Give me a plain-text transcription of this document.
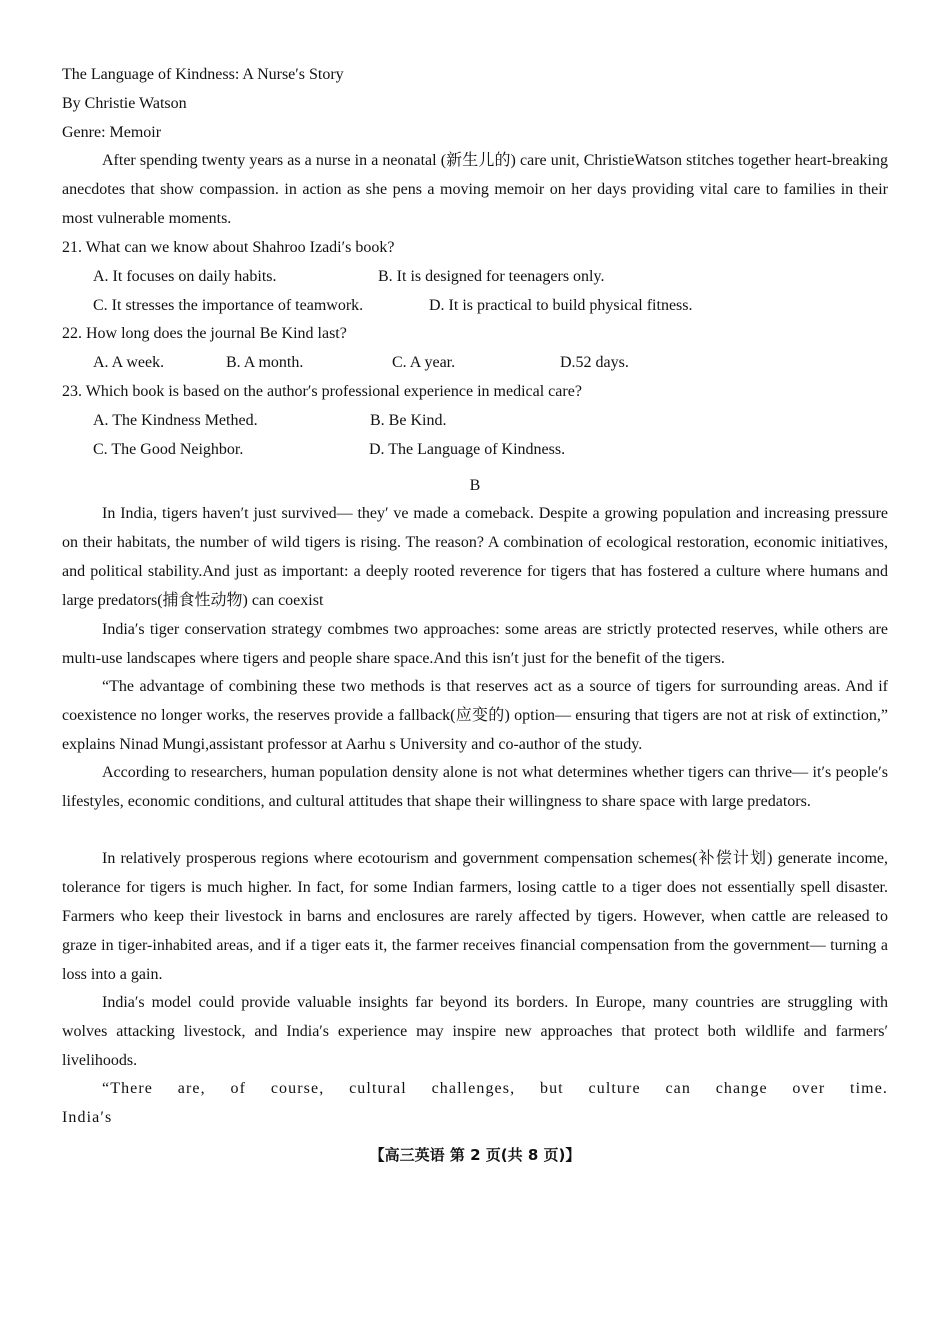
The Language of Kindness: A Nurse′s Story
By Christie Watson
Genre: Memoir
After spending twenty years as a nurse in a neonatal (新生儿的) care unit, ChristieWatson stitches together heart-breaking anecdotes that show compassion. in action as she pens a moving memoir on her days providing vital care to families in their most vulnerable moments.
21. What can we know about Shahroo Izadi′s book?
A. It focuses on daily habits.	B. It is designed for teenagers only.
C. It stresses the importance of teamwork.	D. It is practical to build physical fitness.
22. How long does the journal Be Kind last?
A. A week.	B. A month.	C. A year.	D.52 days.
23. Which book is based on the author′s professional experience in medical care?
A. The Kindness Methed.	B. Be Kind.
C. The Good Neighbor.	D. The Language of Kindness.
B
In India, tigers haven′t just survived— they′ ve made a comeback. Despite a growing population and increasing pressure on their habitats, the number of wild tigers is rising. The reason? A combination of ecological restoration, economic initiatives, and political stability.And just as important: a deeply rooted reverence for tigers that has fostered a culture where humans and large predators(捕食性动物) can coexist
India′s tiger conservation strategy combmes two approaches: some areas are strictly protected reserves, while others are multı-use landscapes where tigers and people share space.And this isn′t just for the benefit of the tigers.
“The advantage of combining these two methods is that reserves act as a source of tigers for surrounding areas. And if coexistence no longer works, the reserves provide a fallback(应变的) option— ensuring that tigers are not at risk of extinction,” explains Ninad Mungi,assistant professor at Aarhu s University and co-author of the study.
According to researchers, human population density alone is not what determines whether tigers can thrive— it′s people′s lifestyles, economic conditions, and cultural attitudes that shape their willingness to share space with large predators.
In relatively prosperous regions where ecotourism and government compensation schemes(补偿计划) generate income, tolerance for tigers is much higher. In fact, for some Indian farmers, losing cattle to a tiger does not essentially spell disaster. Farmers who keep their livestock in barns and enclosures are rarely affected by tigers. However, when cattle are released to graze in tiger-inhabited areas, and if a tiger eats it, the farmer receives financial compensation from the government— turning a loss into a gain.
India′s model could provide valuable insights far beyond its borders. In Europe, many countries are struggling with wolves attacking livestock, and India′s experience may inspire new approaches that protect both wildlife and farmers′ livelihoods.
“There are, of course, cultural challenges, but culture can change over time. India′s
【高三英语 第 2 页(共 8 页)】
